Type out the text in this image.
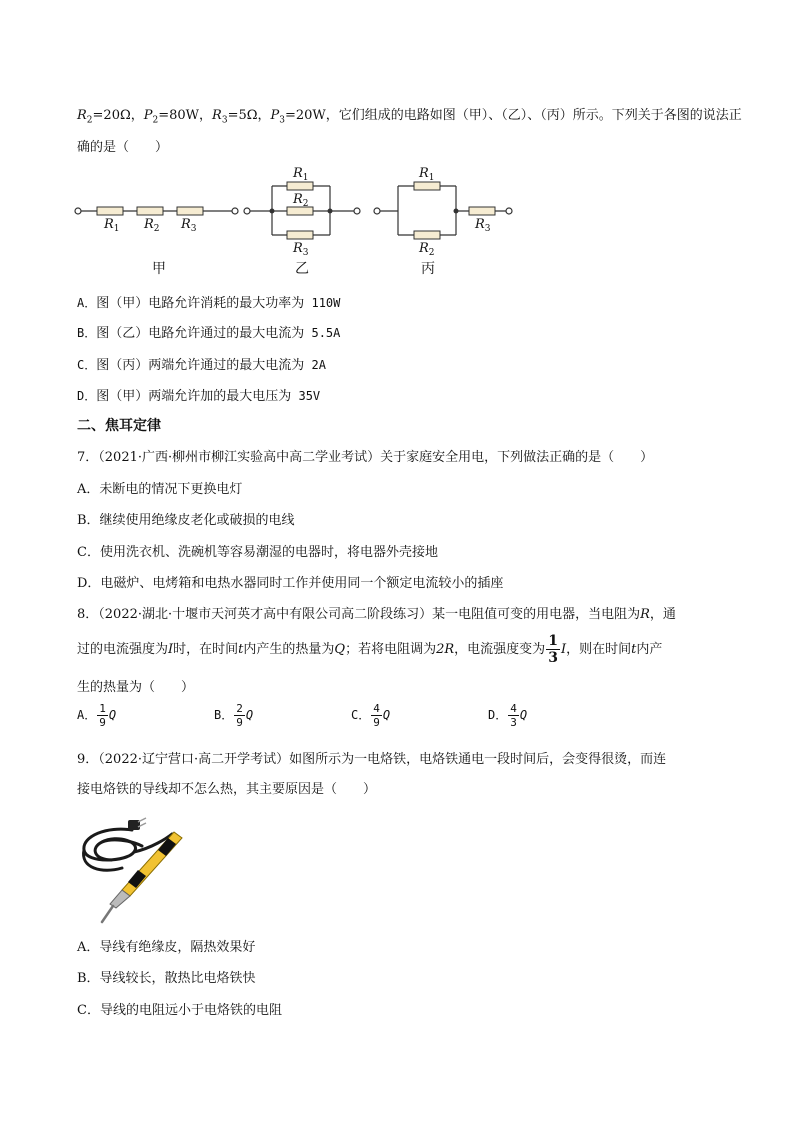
$R_2=20\Omega$，$P_2=80W$，$R_3=5\Omega$，$P_3=20W$，它们组成的电路如图（甲）、（乙）、（丙）所示。下列关于各图的说法正
确的是（　　）
$R_1$ $R_2$ $R_3$
甲
$R_1$
$R_2$
$R_3$
乙
$R_1$
$R_2$
$R_3$
丙
A．图（甲）电路允许消耗的最大功率为 110W
B．图（乙）电路允许通过的最大电流为 5.5A
C．图（丙）两端允许通过的最大电流为 2A
D．图（甲）两端允许加的最大电压为 35V
二、焦耳定律
7．（2021·广西·柳州市柳江实验高中高二学业考试）关于家庭安全用电，下列做法正确的是（　　）
A．未断电的情况下更换电灯
B．继续使用绝缘皮老化或破损的电线
C．使用洗衣机、洗碗机等容易潮湿的电器时，将电器外壳接地
D．电磁炉、电烤箱和电热水器同时工作并使用同一个额定电流较小的插座
8．（2022·湖北·十堰市天河英才高中有限公司高二阶段练习）某一电阻值可变的用电器，当电阻为R，通
过的电流强度为I时，在时间t内产生的热量为Q；若将电阻调为2R，电流强度变为 $\frac{1}{3}$ I，则在时间t内产
生的热量为（　　）
A． $\frac{1}{9}$ Q	B． $\frac{2}{9}$ Q	C． $\frac{4}{9}$ Q	D． $\frac{4}{3}$ Q
9．（2022·辽宁营口·高二开学考试）如图所示为一电烙铁，电烙铁通电一段时间后，会变得很烫，而连
接电烙铁的导线却不怎么热，其主要原因是（　　）
A．导线有绝缘皮，隔热效果好
B．导线较长，散热比电烙铁快
C．导线的电阻远小于电烙铁的电阻
